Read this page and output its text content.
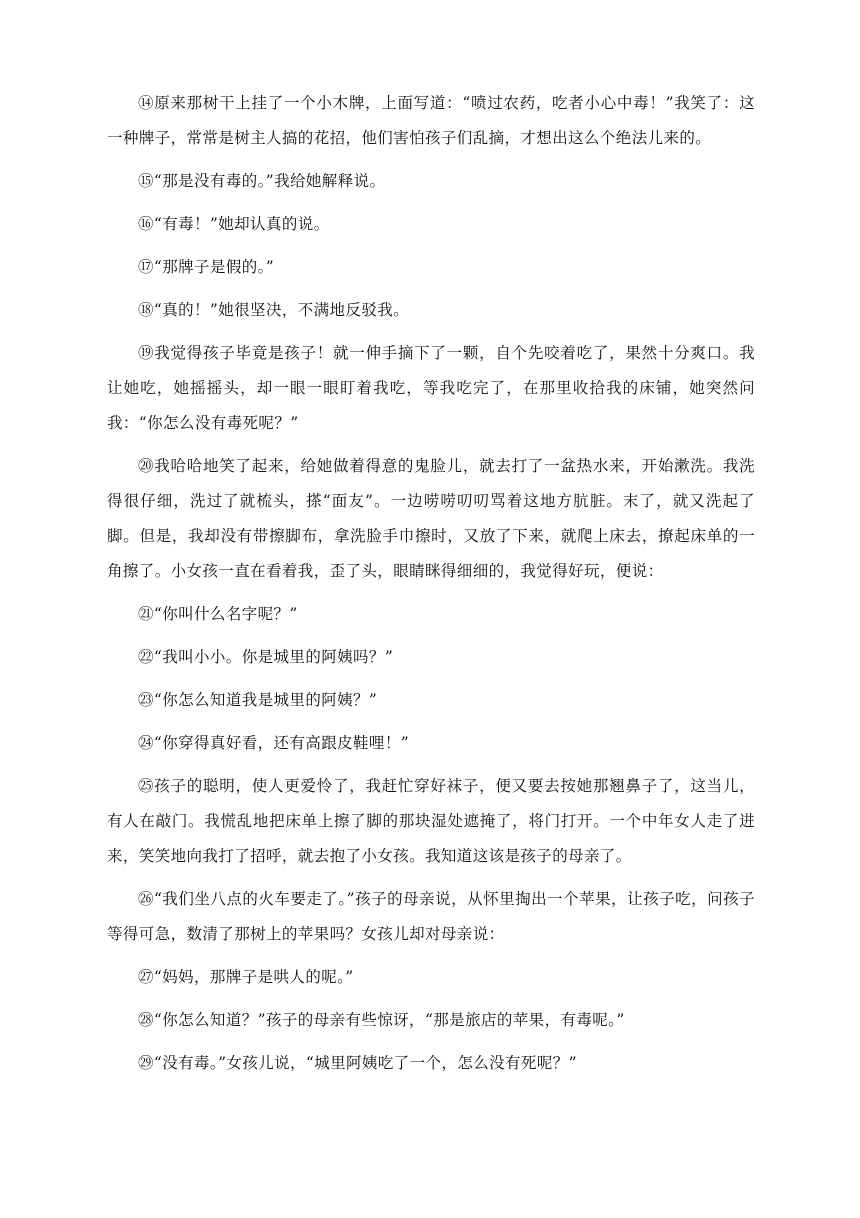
⑭原来那树干上挂了一个小木牌，上面写道：“喷过农药，吃者小心中毒！”我笑了：这一种牌子，常常是树主人搞的花招，他们害怕孩子们乱摘，才想出这么个绝法儿来的。

⑮“那是没有毒的。”我给她解释说。

⑯“有毒！”她却认真的说。

⑰“那牌子是假的。”

⑱“真的！”她很坚决，不满地反驳我。

⑲我觉得孩子毕竟是孩子！就一伸手摘下了一颗，自个先咬着吃了，果然十分爽口。我让她吃，她摇摇头，却一眼一眼盯着我吃，等我吃完了，在那里收拾我的床铺，她突然问我：“你怎么没有毒死呢？”

⑳我哈哈地笑了起来，给她做着得意的鬼脸儿，就去打了一盆热水来，开始漱洗。我洗得很仔细，洗过了就梳头，搽“面友”。一边唠唠叨叨骂着这地方肮脏。末了，就又洗起了脚。但是，我却没有带擦脚布，拿洗脸手巾擦时，又放了下来，就爬上床去，撩起床单的一角擦了。小女孩一直在看着我，歪了头，眼睛眯得细细的，我觉得好玩，便说：

㉑“你叫什么名字呢？”

㉒“我叫小小。你是城里的阿姨吗？”

㉓“你怎么知道我是城里的阿姨？”

㉔“你穿得真好看，还有高跟皮鞋哩！”

㉕孩子的聪明，使人更爱怜了，我赶忙穿好袜子，便又要去按她那翘鼻子了，这当儿，有人在敲门。我慌乱地把床单上擦了脚的那块湿处遮掩了，将门打开。一个中年女人走了进来，笑笑地向我打了招呼，就去抱了小女孩。我知道这该是孩子的母亲了。

㉖“我们坐八点的火车要走了。”孩子的母亲说，从怀里掏出一个苹果，让孩子吃，问孩子等得可急，数清了那树上的苹果吗？女孩儿却对母亲说：

㉗“妈妈，那牌子是哄人的呢。”

㉘“你怎么知道？”孩子的母亲有些惊讶，“那是旅店的苹果，有毒呢。”

㉙“没有毒。”女孩儿说，“城里阿姨吃了一个，怎么没有死呢？”
